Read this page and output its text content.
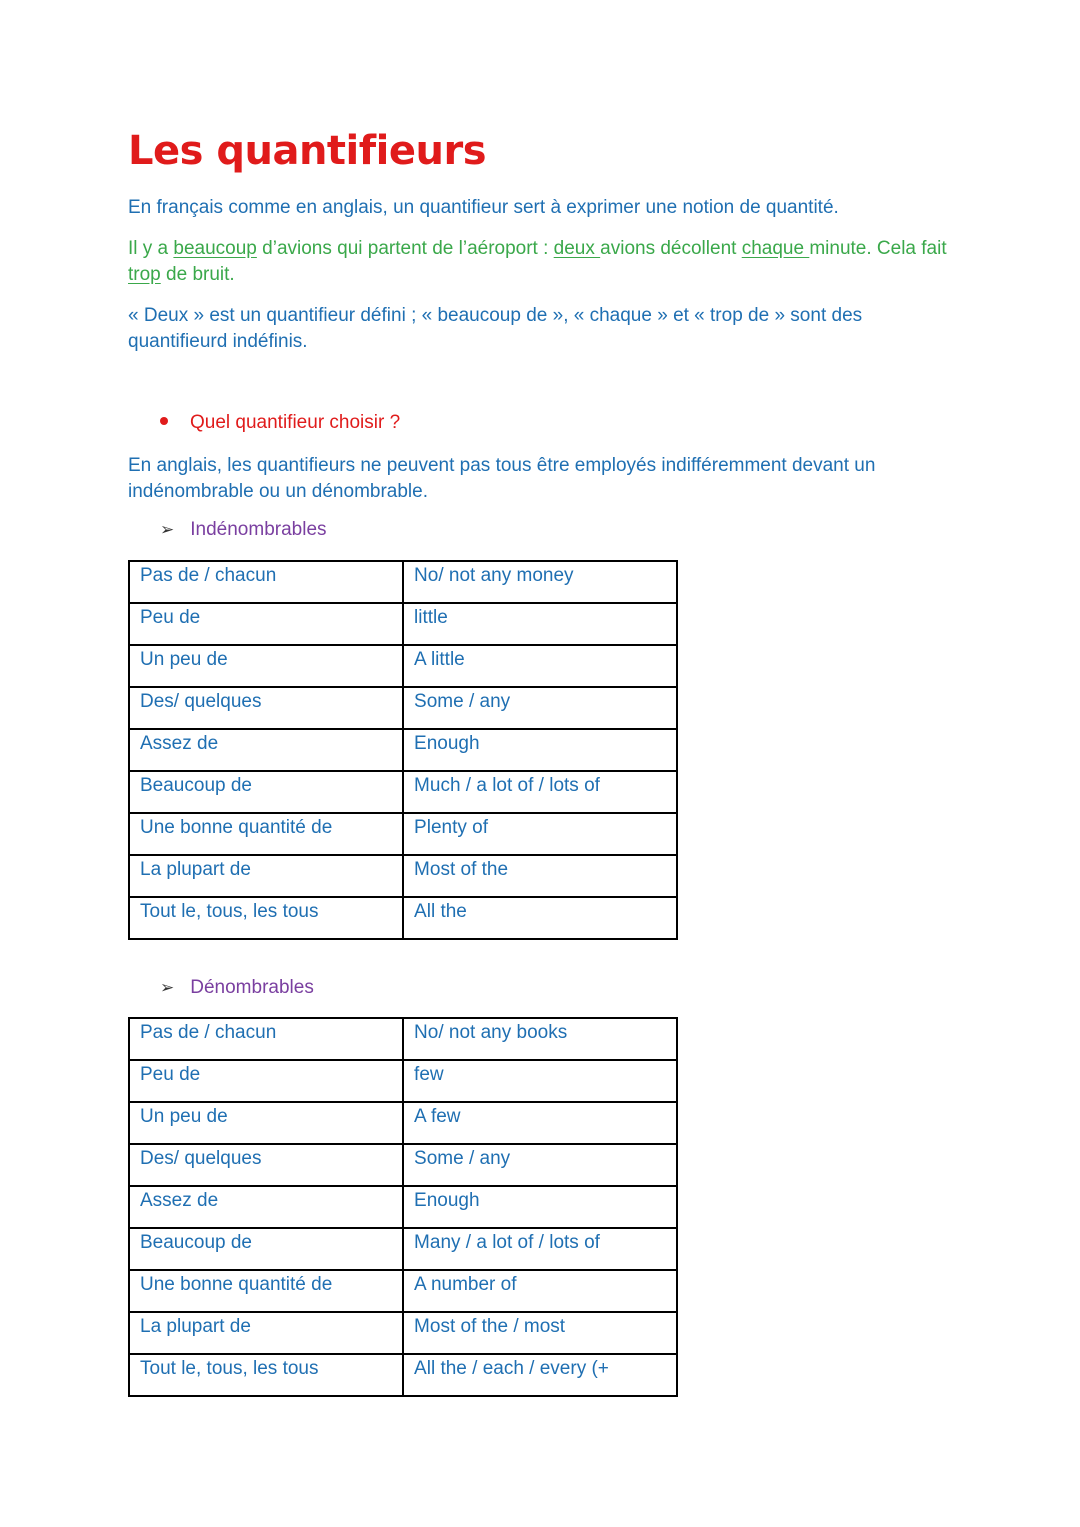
Les quantifieurs
En français comme en anglais, un quantifieur sert à exprimer une notion de quantité.
Il y a beaucoup d’avions qui partent de l’aéroport : deux avions décollent chaque minute. Cela fait trop de bruit.
« Deux » est un quantifieur défini ; « beaucoup de », « chaque » et « trop de » sont des quantifieurd indéfinis.
Quel quantifieur choisir ?
En anglais, les quantifieurs ne peuvent pas tous être employés indifféremment devant un indénombrable ou un dénombrable.
➢ Indénombrables
Pas de / chacun	No/ not any money
Peu de	little
Un peu de	A little
Des/ quelques	Some / any
Assez de	Enough
Beaucoup de	Much / a lot of / lots of
Une bonne quantité de	Plenty of
La plupart de	Most of the
Tout le, tous, les tous	All the
➢ Dénombrables
Pas de / chacun	No/ not any books
Peu de	few
Un peu de	A few
Des/ quelques	Some / any
Assez de	Enough
Beaucoup de	Many / a lot of / lots of
Une bonne quantité de	A number of
La plupart de	Most of the / most
Tout le, tous, les tous	All the / each / every (+
